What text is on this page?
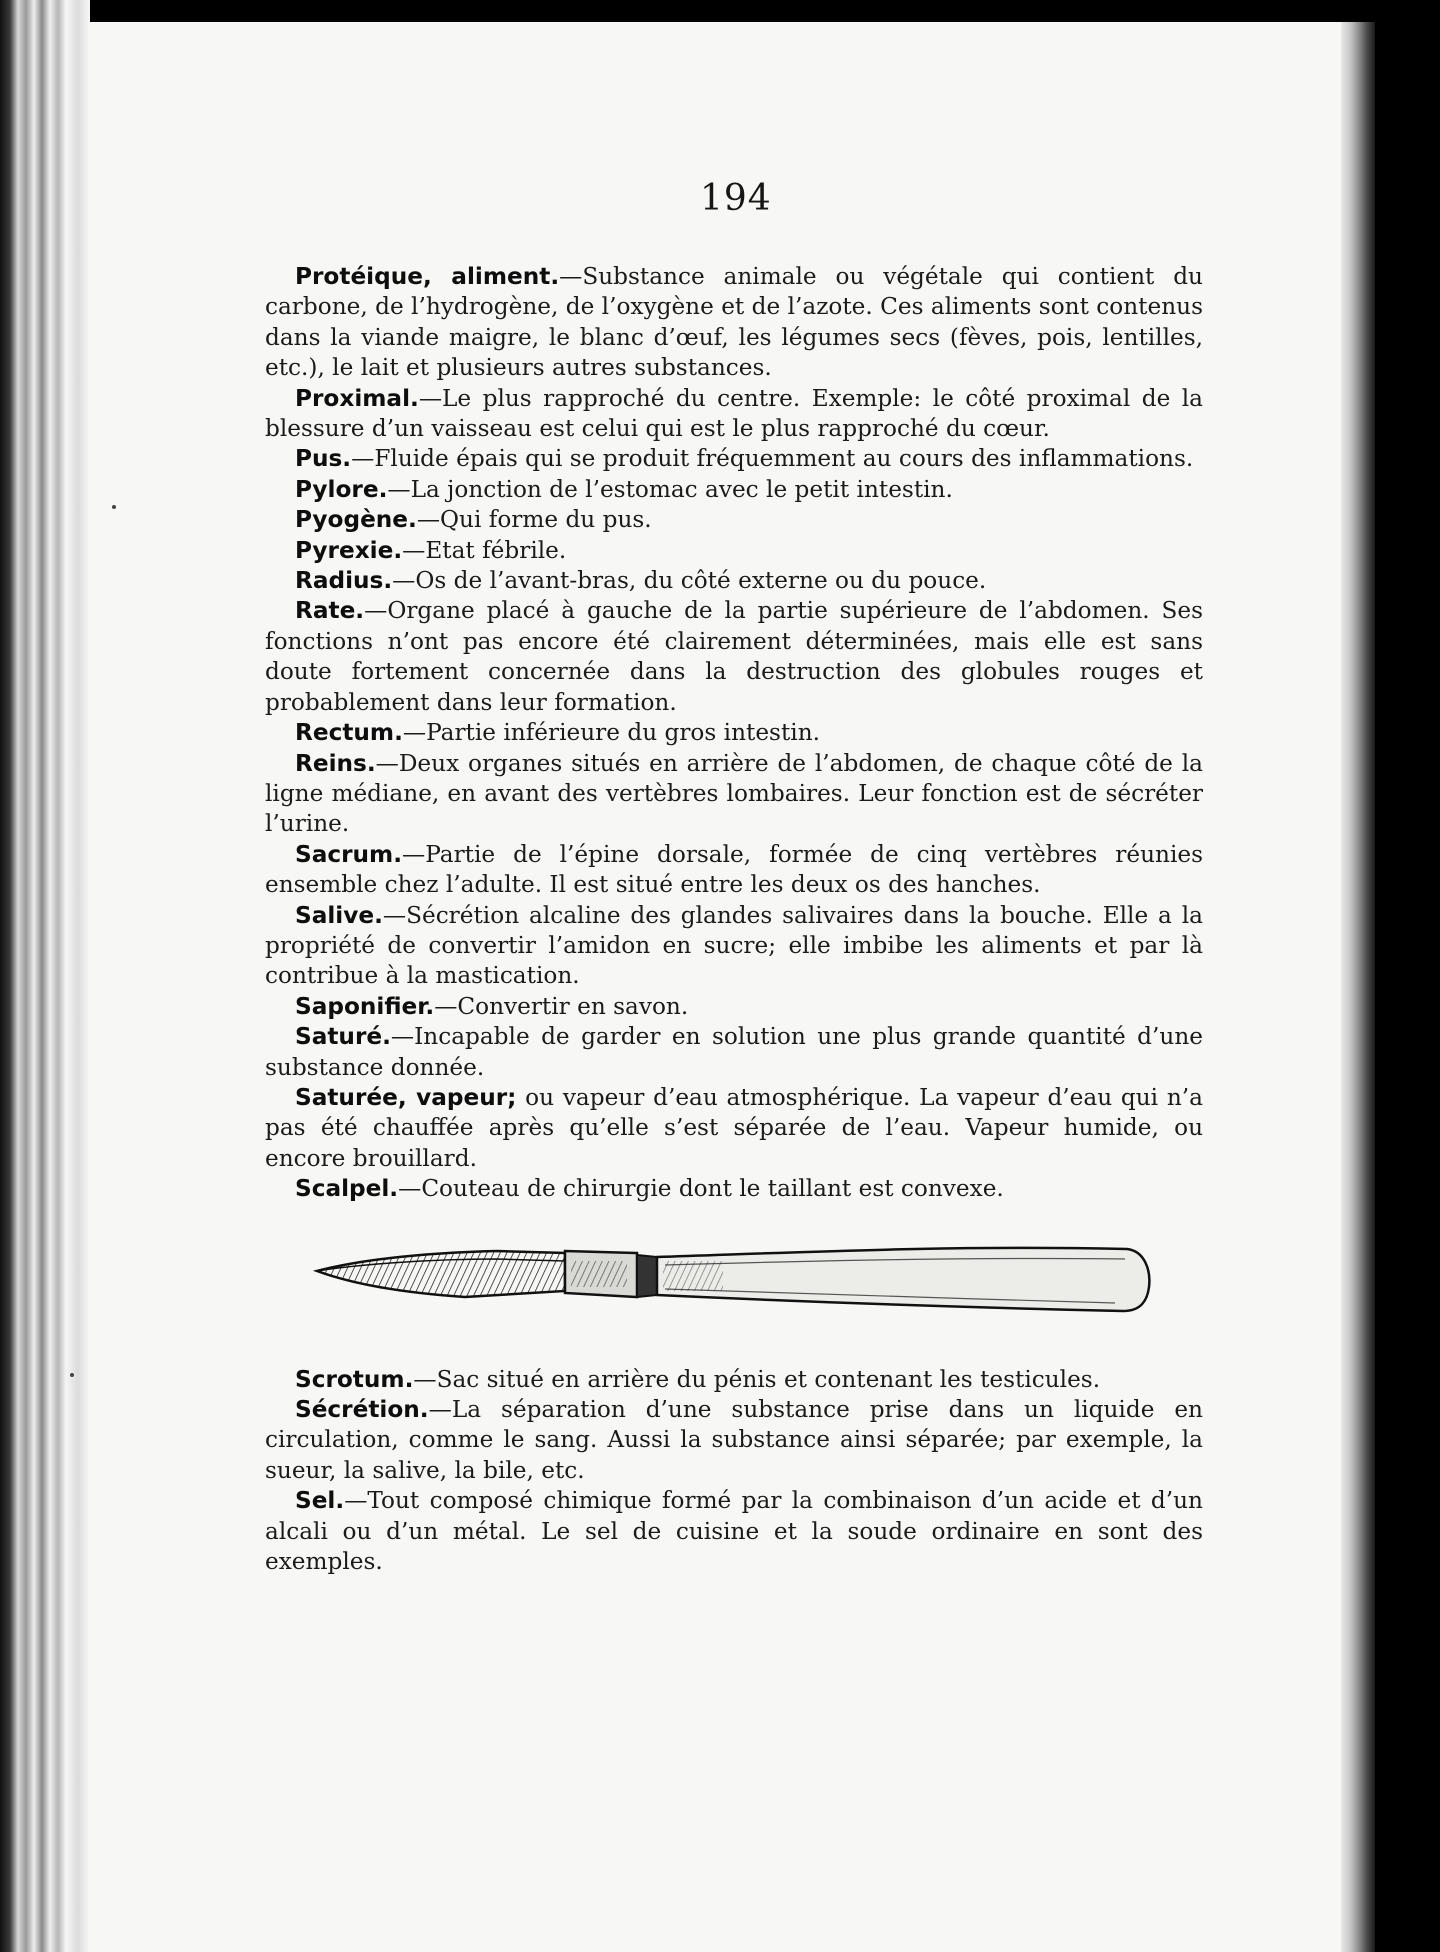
194

Protéique, aliment.—Substance animale ou végétale qui contient du carbone, de l’hydrogène, de l’oxygène et de l’azote. Ces aliments sont contenus dans la viande maigre, le blanc d’œuf, les légumes secs (fèves, pois, lentilles, etc.), le lait et plusieurs autres substances.

Proximal.—Le plus rapproché du centre. Exemple: le côté proximal de la blessure d’un vaisseau est celui qui est le plus rapproché du cœur.

Pus.—Fluide épais qui se produit fréquemment au cours des inflammations.

Pylore.—La jonction de l’estomac avec le petit intestin.

Pyogène.—Qui forme du pus.

Pyrexie.—Etat fébrile.

Radius.—Os de l’avant-bras, du côté externe ou du pouce.

Rate.—Organe placé à gauche de la partie supérieure de l’abdomen. Ses fonctions n’ont pas encore été clairement déterminées, mais elle est sans doute fortement concernée dans la destruction des globules rouges et probablement dans leur formation.

Rectum.—Partie inférieure du gros intestin.

Reins.—Deux organes situés en arrière de l’abdomen, de chaque côté de la ligne médiane, en avant des vertèbres lombaires. Leur fonction est de sécréter l’urine.

Sacrum.—Partie de l’épine dorsale, formée de cinq vertèbres réunies ensemble chez l’adulte. Il est situé entre les deux os des hanches.

Salive.—Sécrétion alcaline des glandes salivaires dans la bouche. Elle a la propriété de convertir l’amidon en sucre; elle imbibe les aliments et par là contribue à la mastication.

Saponifier.—Convertir en savon.

Saturé.—Incapable de garder en solution une plus grande quantité d’une substance donnée.

Saturée, vapeur; ou vapeur d’eau atmosphérique. La vapeur d’eau qui n’a pas été chauffée après qu’elle s’est séparée de l’eau. Vapeur humide, ou encore brouillard.

Scalpel.—Couteau de chirurgie dont le taillant est convexe.

Scrotum.—Sac situé en arrière du pénis et contenant les testicules.

Sécrétion.—La séparation d’une substance prise dans un liquide en circulation, comme le sang. Aussi la substance ainsi séparée; par exemple, la sueur, la salive, la bile, etc.

Sel.—Tout composé chimique formé par la combinaison d’un acide et d’un alcali ou d’un métal. Le sel de cuisine et la soude ordinaire en sont des exemples.
